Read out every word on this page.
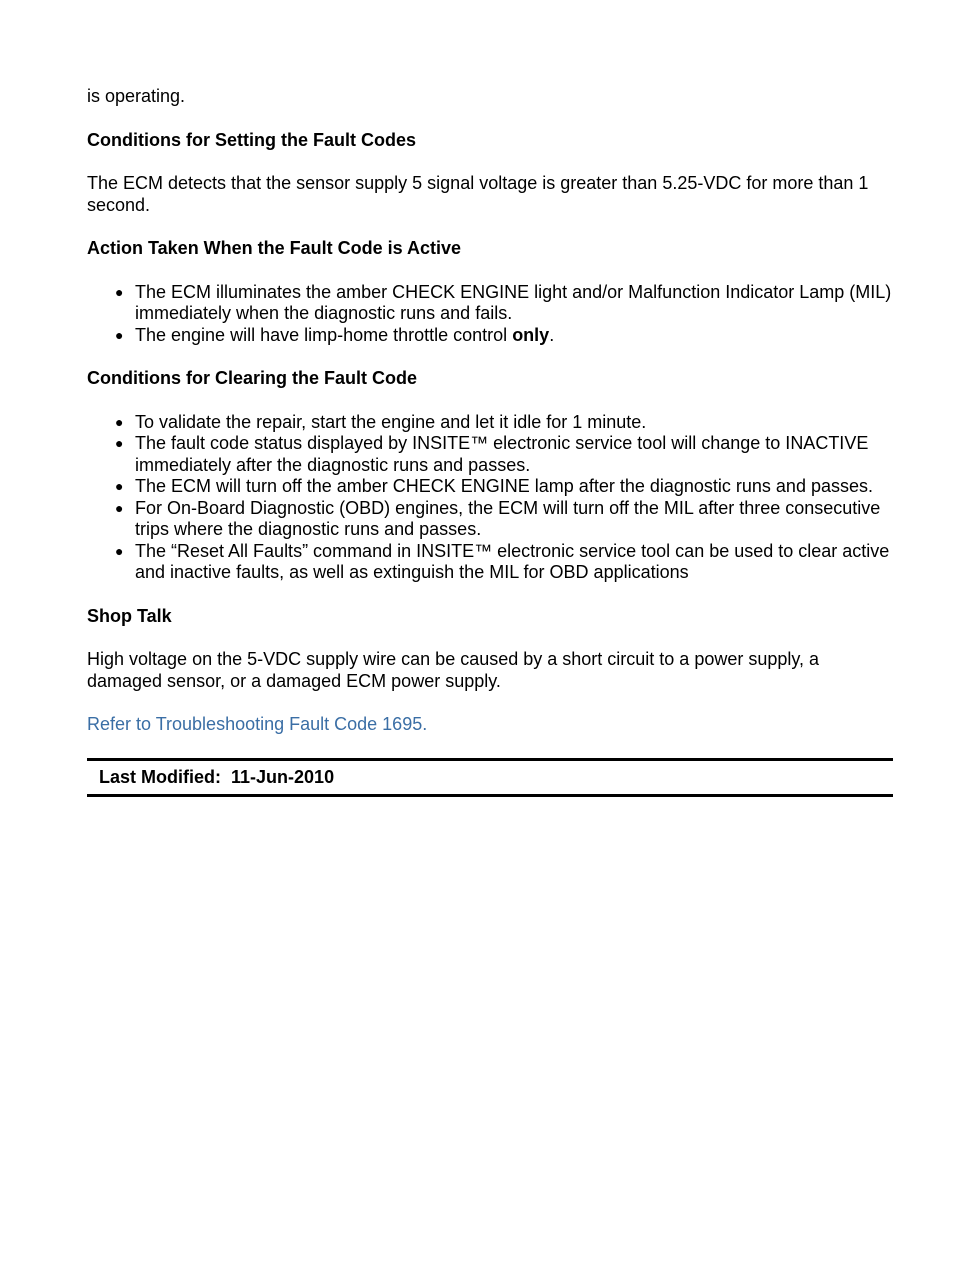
is operating.

Conditions for Setting the Fault Codes

The ECM detects that the sensor supply 5 signal voltage is greater than 5.25-VDC for more than 1 second.

Action Taken When the Fault Code is Active
● The ECM illuminates the amber CHECK ENGINE light and/or Malfunction Indicator Lamp (MIL) immediately when the diagnostic runs and fails.
● The engine will have limp-home throttle control only.
Conditions for Clearing the Fault Code
● To validate the repair, start the engine and let it idle for 1 minute.
● The fault code status displayed by INSITE™ electronic service tool will change to INACTIVE immediately after the diagnostic runs and passes.
● The ECM will turn off the amber CHECK ENGINE lamp after the diagnostic runs and passes.
● For On-Board Diagnostic (OBD) engines, the ECM will turn off the MIL after three consecutive trips where the diagnostic runs and passes.
● The “Reset All Faults” command in INSITE™ electronic service tool can be used to clear active and inactive faults, as well as extinguish the MIL for OBD applications
Shop Talk

High voltage on the 5-VDC supply wire can be caused by a short circuit to a power supply, a damaged sensor, or a damaged ECM power supply.

Refer to Troubleshooting Fault Code 1695.

Last Modified: 11-Jun-2010
